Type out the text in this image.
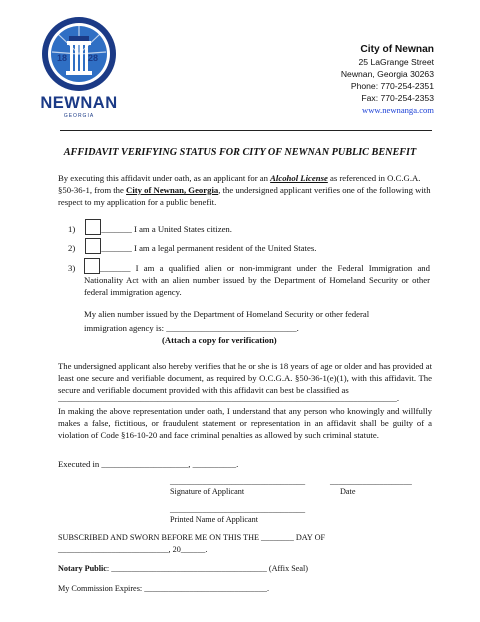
18 28
NEWNAN
GEORGIA
City of Newnan
25 LaGrange Street
Newnan, Georgia 30263
Phone: 770-254-2351
Fax: 770-254-2353
www.newnanga.com
AFFIDAVIT VERIFYING STATUS FOR CITY OF NEWNAN PUBLIC BENEFIT
By executing this affidavit under oath, as an applicant for an Alcohol License as referenced in O.C.G.A. §50-36-1, from the City of Newnan, Georgia, the undersigned applicant verifies one of the following with respect to my application for a public benefit.
1)	_______ I am a United States citizen.
2)	_______ I am a legal permanent resident of the United States.
3)	_______ I am a qualified alien or non-immigrant under the Federal Immigration and Nationality Act with an alien number issued by the Department of Homeland Security or other federal immigration agency.
My alien number issued by the Department of Homeland Security or other federal
immigration agency is: ______________________________.
(Attach a copy for verification)
The undersigned applicant also hereby verifies that he or she is 18 years of age or older and has provided at least one secure and verifiable document, as required by O.C.G.A. §50-36-1(e)(1), with this affidavit. The secure and verifiable document provided with this affidavit can best be classified as
______________________________________________________________________________.
In making the above representation under oath, I understand that any person who knowingly and willfully makes a false, fictitious, or fraudulent statement or representation in an affidavit shall be guilty of a violation of Code §16-10-20 and face criminal penalties as allowed by such criminal statute.
Executed in ____________________, __________.
_________________________________	____________________
Signature of Applicant	Date
_________________________________
Printed Name of Applicant
SUBSCRIBED AND SWORN BEFORE ME ON THIS THE ________ DAY OF
___________________________, 20______.
Notary Public: ______________________________________ (Affix Seal)
My Commission Expires: ______________________________.
